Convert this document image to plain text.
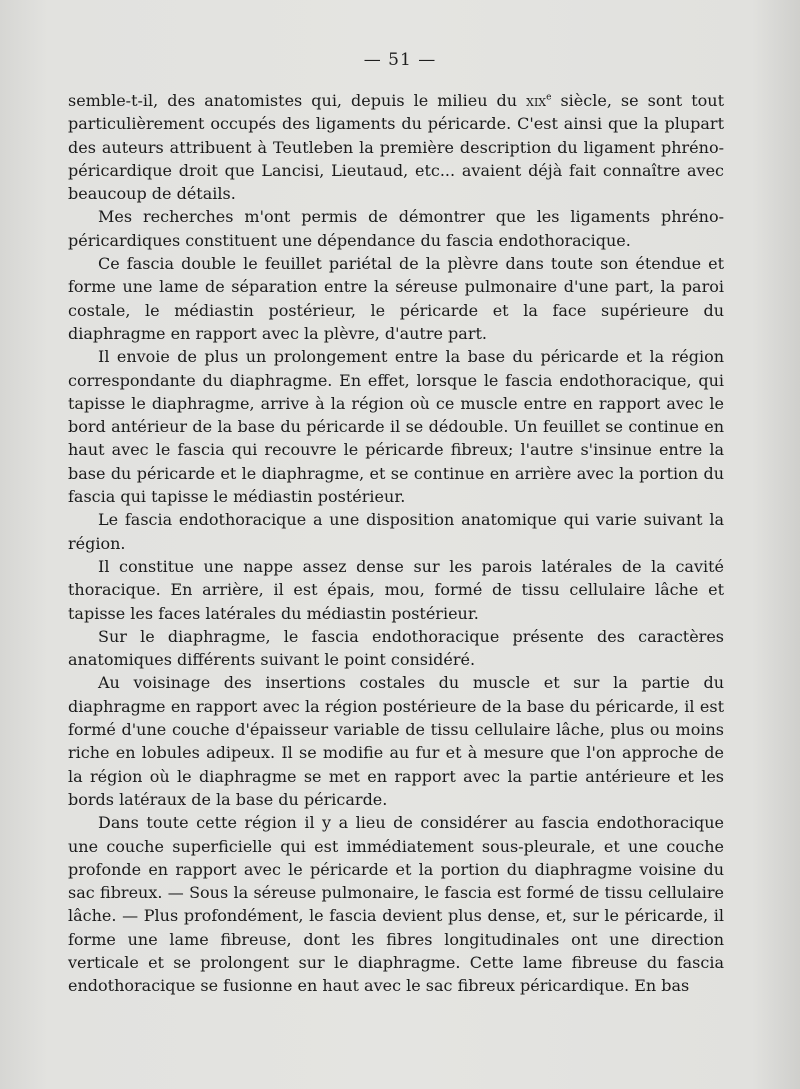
— 51 —

semble-t-il, des anatomistes qui, depuis le milieu du xix$^e$ siècle, se sont tout particulièrement occupés des ligaments du péricarde. C'est ainsi que la plupart des auteurs attribuent à Teutleben la première description du ligament phréno-péricardique droit que Lancisi, Lieutaud, etc... avaient déjà fait connaître avec beaucoup de détails.

Mes recherches m'ont permis de démontrer que les ligaments phréno-péricardiques constituent une dépendance du fascia endothoracique.

Ce fascia double le feuillet pariétal de la plèvre dans toute son étendue et forme une lame de séparation entre la séreuse pulmonaire d'une part, la paroi costale, le médiastin postérieur, le péricarde et la face supérieure du diaphragme en rapport avec la plèvre, d'autre part.

Il envoie de plus un prolongement entre la base du péricarde et la région correspondante du diaphragme. En effet, lorsque le fascia endothoracique, qui tapisse le diaphragme, arrive à la région où ce muscle entre en rapport avec le bord antérieur de la base du péricarde il se dédouble. Un feuillet se continue en haut avec le fascia qui recouvre le péricarde fibreux; l'autre s'insinue entre la base du péricarde et le diaphragme, et se continue en arrière avec la portion du fascia qui tapisse le médiastin postérieur.

Le fascia endothoracique a une disposition anatomique qui varie suivant la région.

Il constitue une nappe assez dense sur les parois latérales de la cavité thoracique. En arrière, il est épais, mou, formé de tissu cellulaire lâche et tapisse les faces latérales du médiastin postérieur.

Sur le diaphragme, le fascia endothoracique présente des caractères anatomiques différents suivant le point considéré.

Au voisinage des insertions costales du muscle et sur la partie du diaphragme en rapport avec la région postérieure de la base du péricarde, il est formé d'une couche d'épaisseur variable de tissu cellulaire lâche, plus ou moins riche en lobules adipeux. Il se modifie au fur et à mesure que l'on approche de la région où le diaphragme se met en rapport avec la partie antérieure et les bords latéraux de la base du péricarde.

Dans toute cette région il y a lieu de considérer au fascia endothoracique une couche superficielle qui est immédiatement sous-pleurale, et une couche profonde en rapport avec le péricarde et la portion du diaphragme voisine du sac fibreux. — Sous la séreuse pulmonaire, le fascia est formé de tissu cellulaire lâche. — Plus profondément, le fascia devient plus dense, et, sur le péricarde, il forme une lame fibreuse, dont les fibres longitudinales ont une direction verticale et se prolongent sur le diaphragme. Cette lame fibreuse du fascia endothoracique se fusionne en haut avec le sac fibreux péricardique. En bas
